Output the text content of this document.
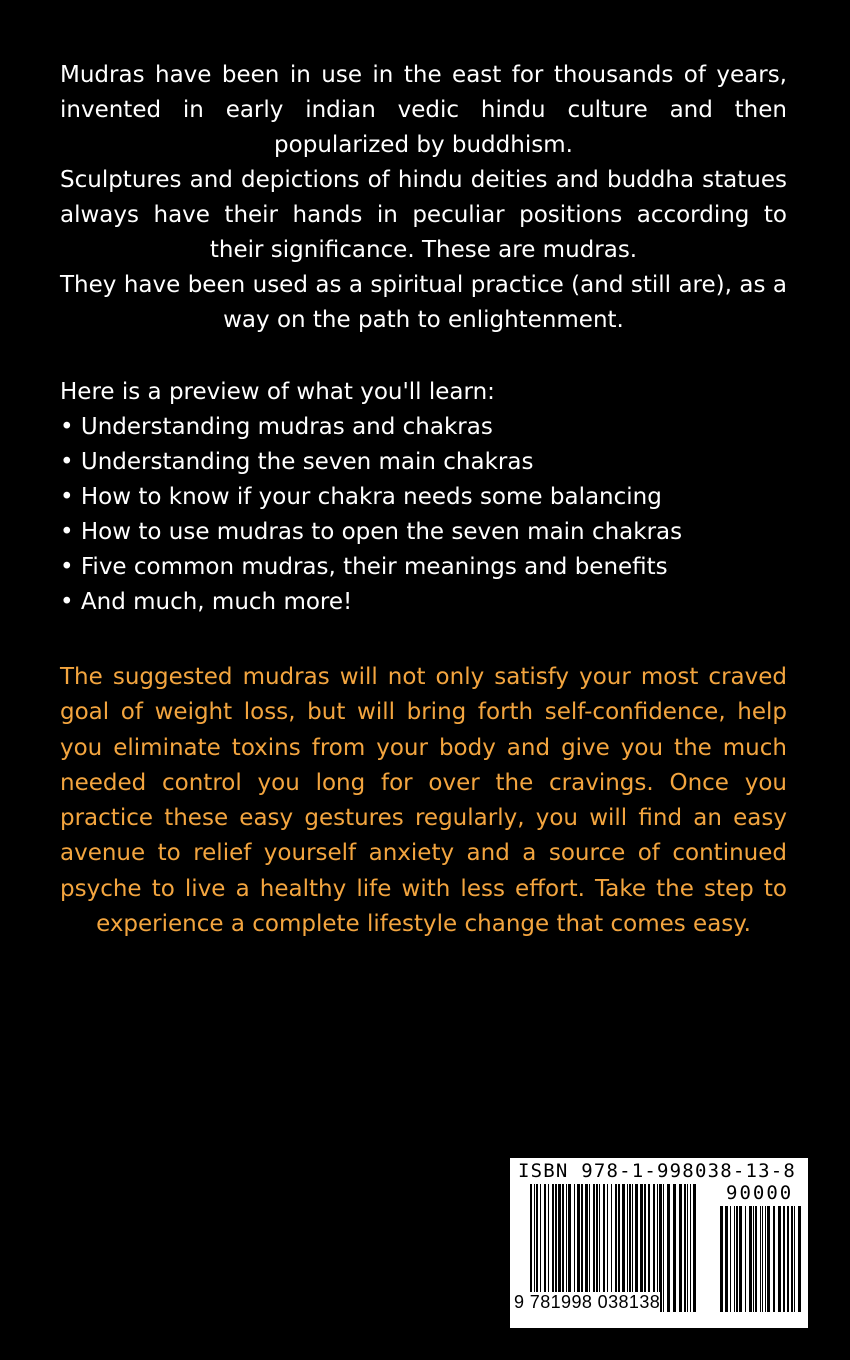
Mudras have been in use in the east for thousands of years, invented in early indian vedic hindu culture and then popularized by buddhism.

Sculptures and depictions of hindu deities and buddha statues always have their hands in peculiar positions according to their significance. These are mudras.

They have been used as a spiritual practice (and still are), as a way on the path to enlightenment.

Here is a preview of what you'll learn:

• Understanding mudras and chakras
• Understanding the seven main chakras
• How to know if your chakra needs some balancing
• How to use mudras to open the seven main chakras
• Five common mudras, their meanings and benefits
• And much, much more!

The suggested mudras will not only satisfy your most craved goal of weight loss, but will bring forth self-confidence, help you eliminate toxins from your body and give you the much needed control you long for over the cravings. Once you practice these easy gestures regularly, you will find an easy avenue to relief yourself anxiety and a source of continued psyche to live a healthy life with less effort. Take the step to experience a complete lifestyle change that comes easy.

ISBN 978-1-998038-13-8
90000
9 781998 038138
